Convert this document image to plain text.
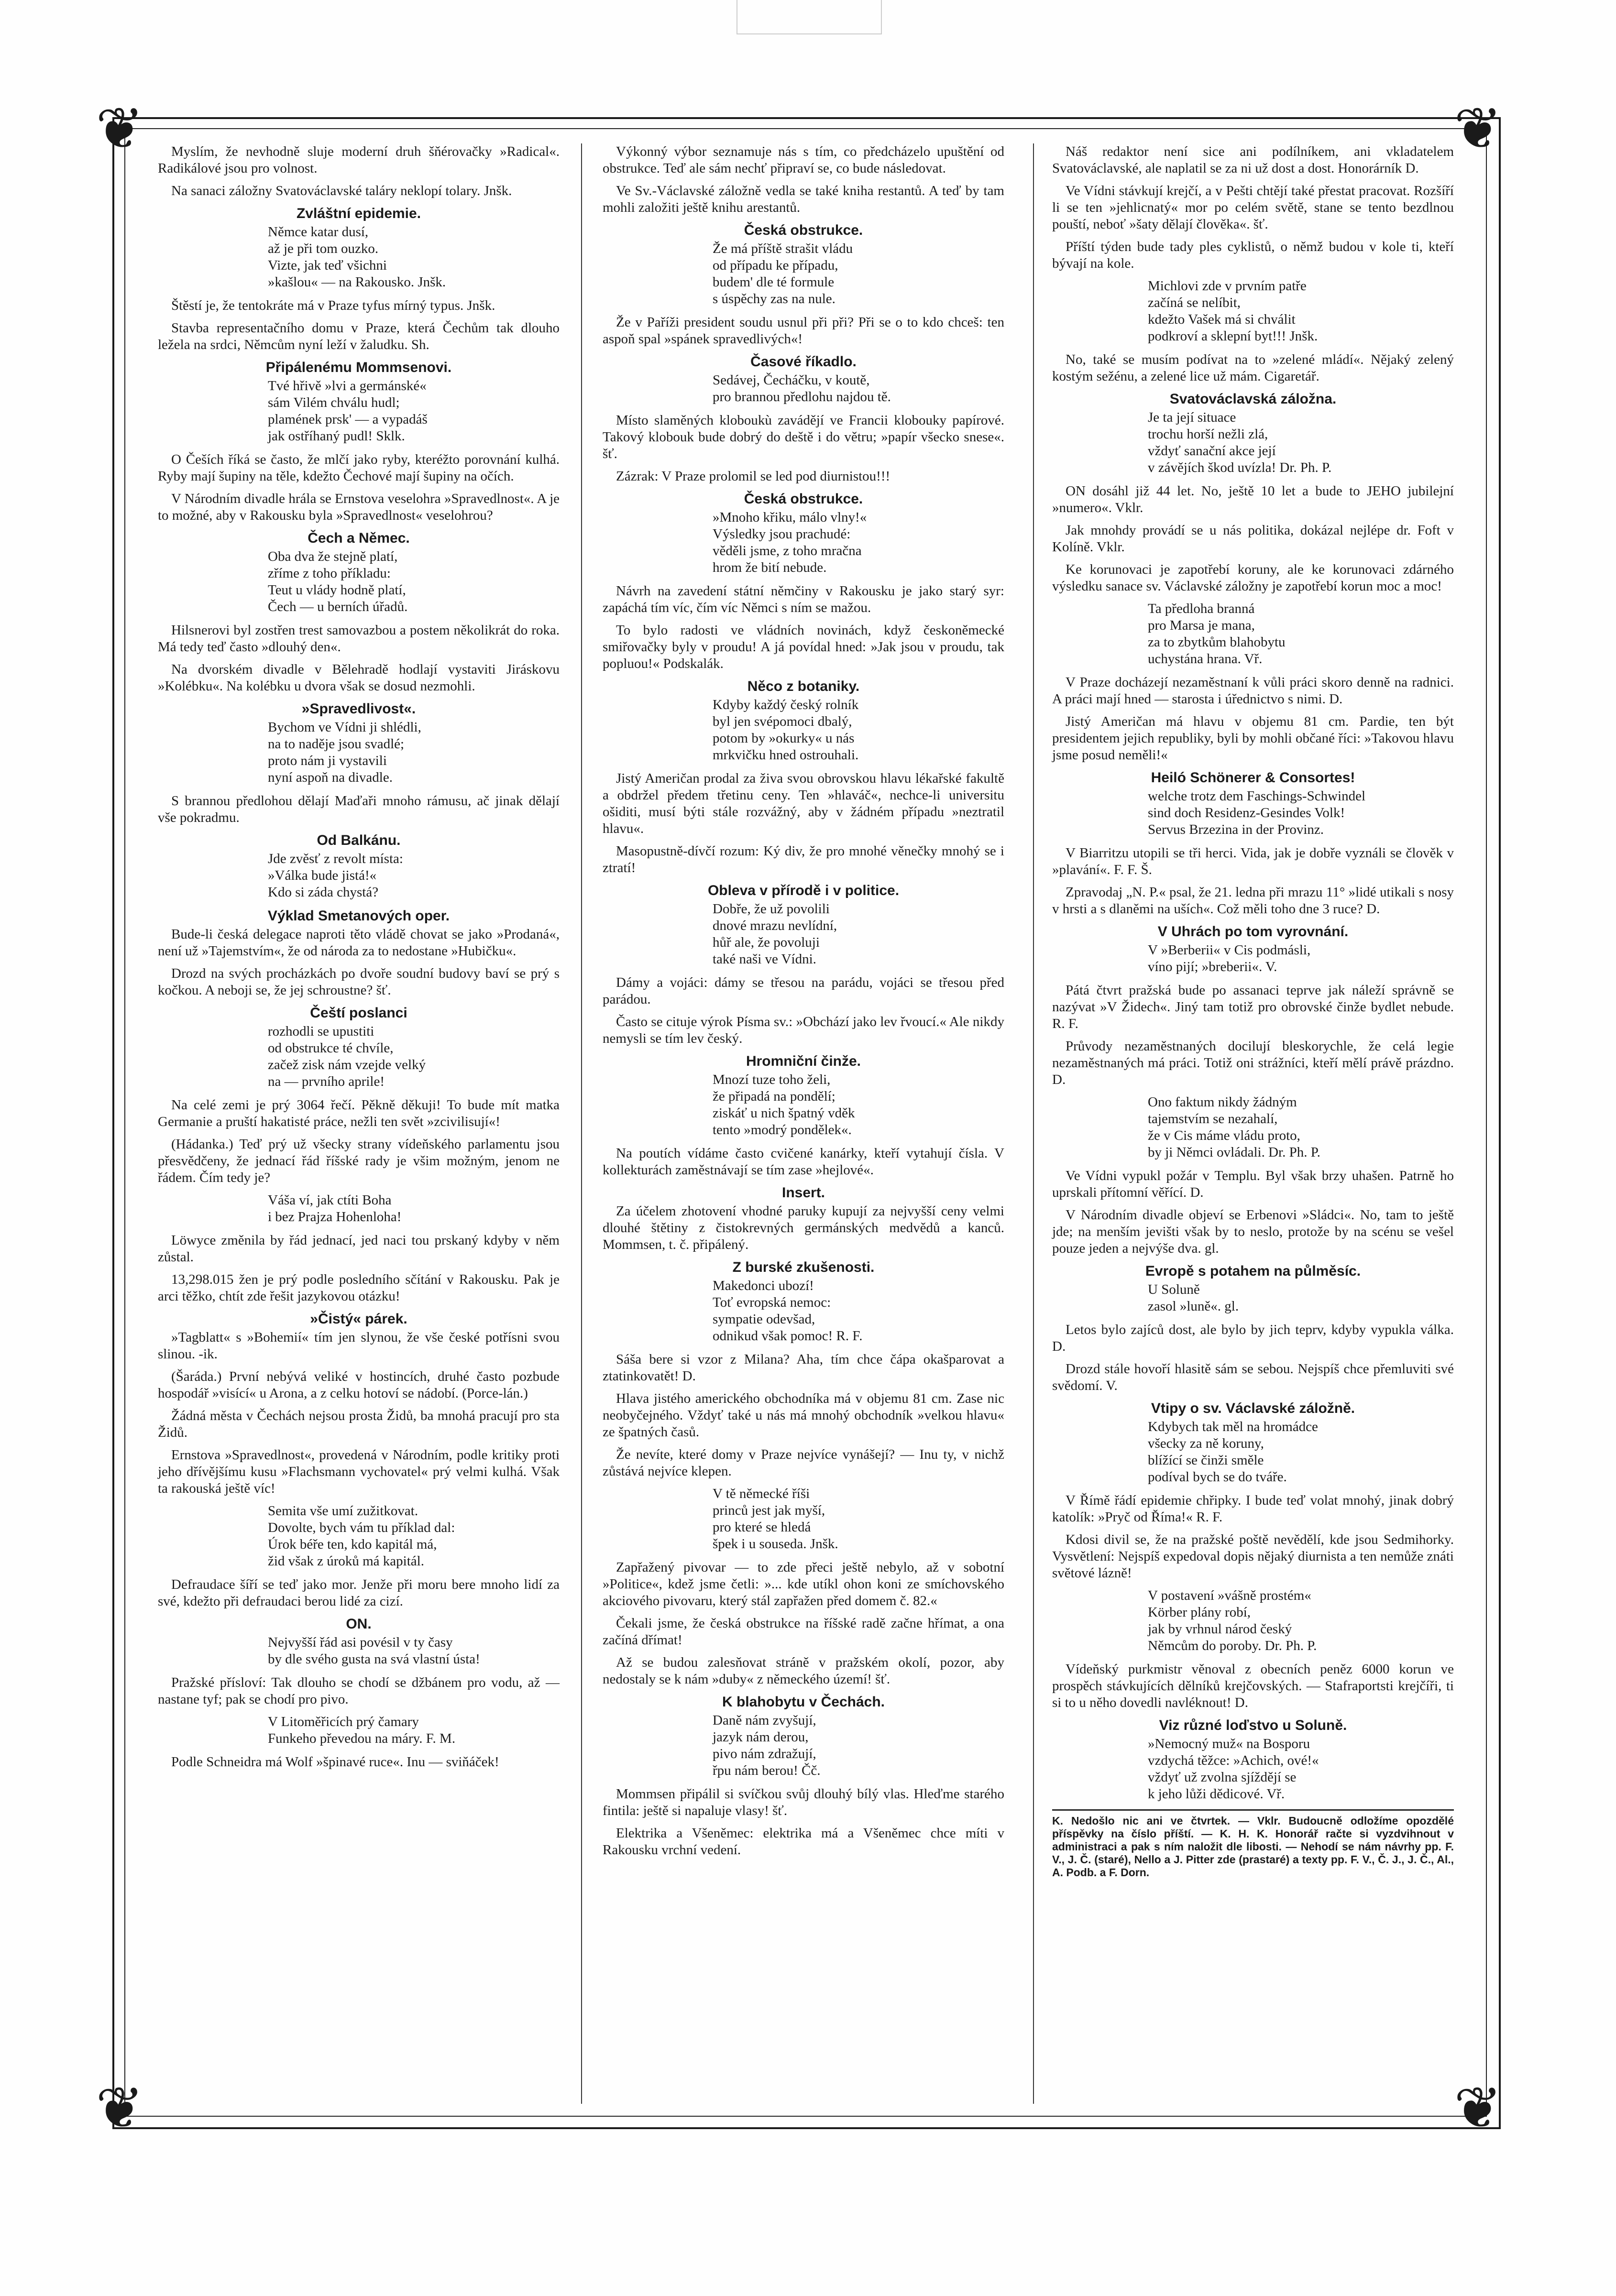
❦	❦
❦	❦
Myslím, že nevhodně sluje moderní druh šňérovačky »Radical«. Radikálové jsou pro volnost.
Na sanaci záložny Svatováclavské taláry neklopí tolary. Jnšk.
Zvláštní epidemie.
Němce katar dusí,
až je při tom ouzko.
Vizte, jak teď všichni
»kašlou« — na Rakousko. Jnšk.
Štěstí je, že tentokráte má v Praze tyfus mírný typus. Jnšk.
Stavba representačního domu v Praze, která Čechům tak dlouho ležela na srdci, Němcům nyní leží v žaludku. Sh.
Připálenému Mommsenovi.
Tvé hřivě »lvi a germánské«
sám Vilém chválu hudl;
plamének prsk' — a vypadáš
jak ostříhaný pudl! Sklk.
O Češích říká se často, že mlčí jako ryby, kteréžto porovnání kulhá. Ryby mají šupiny na těle, kdežto Čechové mají šupiny na očích.
V Národním divadle hrála se Ernstova veselohra »Spravedlnost«. A je to možné, aby v Rakousku byla »Spravedlnost« veselohrou?
Čech a Němec.
Oba dva že stejně platí,
zříme z toho příkladu:
Teut u vlády hodně platí,
Čech — u berních úřadů.
Hilsnerovi byl zostřen trest samovazbou a postem několikrát do roka. Má tedy teď často »dlouhý den«.
Na dvorském divadle v Bělehradě hodlají vystaviti Jiráskovu »Kolébku«. Na kolébku u dvora však se dosud nezmohli.
»Spravedlivost«.
Bychom ve Vídni ji shlédli,
na to naděje jsou svadlé;
proto nám ji vystavili
nyní aspoň na divadle.
S brannou předlohou dělají Maďaři mnoho rámusu, ač jinak dělají vše pokradmu.
Od Balkánu.
Jde zvěsť z revolt místa:
»Válka bude jistá!«
Kdo si záda chystá?
Výklad Smetanových oper.
Bude-li česká delegace naproti těto vládě chovat se jako »Prodaná«, není už »Tajemstvím«, že od národa za to nedostane »Hubičku«.
Drozd na svých procházkách po dvoře soudní budovy baví se prý s kočkou. A neboji se, že jej schroustne? šť.
Čeští poslanci
rozhodli se upustiti
od obstrukce té chvíle,
začež zisk nám vzejde velký
na — prvního aprile!
Na celé zemi je prý 3064 řečí. Pěkně děkuji! To bude mít matka Germanie a pruští hakatisté práce, nežli ten svět »zcivilisují«!
(Hádanka.) Teď prý už všecky strany vídeňského parlamentu jsou přesvědčeny, že jednací řád říšské rady je všim možným, jenom ne řádem. Čím tedy je?
Váša ví, jak ctíti Boha
i bez Prajza Hohenloha!
Löwyce změnila by řád jednací, jed naci tou prskaný kdyby v něm zůstal.
13,298.015 žen je prý podle posledního sčítání v Rakousku. Pak je arci těžko, chtít zde řešit jazykovou otázku!
»Čistý« párek.
»Tagblatt« s »Bohemií« tím jen slynou, že vše české potřísni svou slinou. -ik.
(Šaráda.) První nebývá veliké v hostincích, druhé často pozbude hospodář »visící« u Arona, a z celku hotoví se nádobí. (Porce-lán.)
Žádná města v Čechách nejsou prosta Židů, ba mnohá pracují pro sta Židů.
Ernstova »Spravedlnost«, provedená v Národním, podle kritiky proti jeho dřívějšímu kusu »Flachsmann vychovatel« prý velmi kulhá. Však ta rakouská ještě víc!
Semita vše umí zužitkovat.
Dovolte, bych vám tu příklad dal:
Úrok béře ten, kdo kapitál má,
žid však z úroků má kapitál.
Defraudace šíří se teď jako mor. Jenže při moru bere mnoho lidí za své, kdežto při defraudaci berou lidé za cizí.
ON.
Nejvyšší řád asi povésil v ty časy
by dle svého gusta na svá vlastní ústa!
Pražské přísloví: Tak dlouho se chodí se džbánem pro vodu, až — nastane tyf; pak se chodí pro pivo.
V Litoměřicích prý čamary
Funkeho převedou na máry. F. M.
Podle Schneidra má Wolf »špinavé ruce«. Inu — sviňáček!
Výkonný výbor seznamuje nás s tím, co předcházelo upuštění od obstrukce. Teď ale sám nechť připraví se, co bude následovat.
Ve Sv.-Václavské záložně vedla se také kniha restantů. A teď by tam mohli založiti ještě knihu arestantů.
Česká obstrukce.
Že má příště strašit vládu
od případu ke případu,
budem' dle té formule
s úspěchy zas na nule.
Že v Paříži president soudu usnul při při? Při se o to kdo chceš: ten aspoň spal »spánek spravedlivých«!
Časové říkadlo.
Sedávej, Čecháčku, v koutě,
pro brannou předlohu najdou tě.
Místo slaměných kloboukù zavádějí ve Francii klobouky papírové. Takový klobouk bude dobrý do deště i do větru; »papír všecko snese«. šť.
Zázrak: V Praze prolomil se led pod diurnistou!!!
Česká obstrukce.
»Mnoho křiku, málo vlny!«
Výsledky jsou prachudé:
věděli jsme, z toho mračna
hrom že bití nebude.
Návrh na zavedení státní němčiny v Rakousku je jako starý syr: zapáchá tím víc, čím víc Němci s ním se mažou.
To bylo radosti ve vládních novinách, když českoněmecké smiřovačky byly v proudu! A já povídal hned: »Jak jsou v proudu, tak popluou!« Podskalák.
Něco z botaniky.
Kdyby každý český rolník
byl jen svépomoci dbalý,
potom by »okurky« u nás
mrkvičku hned ostrouhali.
Jistý Američan prodal za živa svou obrovskou hlavu lékařské fakultě a obdržel předem třetinu ceny. Ten »hlaváč«, nechce-li universitu ošiditi, musí býti stále rozvážný, aby v žádném případu »neztratil hlavu«.
Masopustně-dívčí rozum: Ký div, že pro mnohé věnečky mnohý se i ztratí!
Obleva v přírodě i v politice.
Dobře, že už povolili
dnové mrazu nevlídní,
hůř ale, že povoluji
také naši ve Vídni.
Dámy a vojáci: dámy se třesou na parádu, vojáci se třesou před parádou.
Často se cituje výrok Písma sv.: »Obchází jako lev řvoucí.« Ale nikdy nemysli se tím lev český.
Hromniční činže.
Mnozí tuze toho želi,
že připadá na pondělí;
ziskáť u nich špatný vděk
tento »modrý pondělek«.
Na poutích vídáme často cvičené kanárky, kteří vytahují čísla. V kollekturách zaměstnávají se tím zase »hejlové«.
Insert.
Za účelem zhotovení vhodné paruky kupují za nejvyšší ceny velmi dlouhé štětiny z čistokrevných germánských medvědů a kanců. Mommsen, t. č. připálený.
Z burské zkušenosti.
Makedonci ubozí!
Toť evropská nemoc:
sympatie odevšad,
odnikud však pomoc! R. F.
Sáša bere si vzor z Milana? Aha, tím chce čápa okašparovat a ztatinkovatět! D.
Hlava jistého amerického obchodníka má v objemu 81 cm. Zase nic neobyčejného. Vždyť také u nás má mnohý obchodník »velkou hlavu« ze špatných časů.
Že nevíte, které domy v Praze nejvíce vynášejí? — Inu ty, v nichž zůstává nejvíce klepen.
V tě německé říši
princů jest jak myší,
pro které se hledá
špek i u souseda. Jnšk.
Zapřažený pivovar — to zde přeci ještě nebylo, až v sobotní »Politice«, kdež jsme četli: »... kde utíkl ohon koni ze smíchovského akciového pivovaru, který stál zapřažen před domem č. 82.«
Čekali jsme, že česká obstrukce na říšské radě začne hřímat, a ona začíná dřímat!
Až se budou zalesňovat stráně v pražském okolí, pozor, aby nedostaly se k nám »duby« z německého území! šť.
K blahobytu v Čechách.
Daně nám zvyšují,
jazyk nám derou,
pivo nám zdražují,
řpu nám berou! Čč.
Mommsen připálil si svíčkou svůj dlouhý bílý vlas. Hleďme starého fintila: ještě si napaluje vlasy! šť.
Elektrika a Všeněmec: elektrika má a Všeněmec chce míti v Rakousku vrchní vedení.
Náš redaktor není sice ani podílníkem, ani vkladatelem Svatováclavské, ale naplatil se za ni už dost a dost. Honorárník D.
Ve Vídni stávkují krejčí, a v Pešti chtějí také přestat pracovat. Rozšíří li se ten »jehlicnatý« mor po celém světě, stane se tento bezdlnou pouští, neboť »šaty dělají člověka«. šť.
Příští týden bude tady ples cyklistů, o němž budou v kole ti, kteří bývají na kole.
Michlovi zde v prvním patře
začíná se nelíbit,
kdežto Vašek má si chválit
podkroví a sklepní byt!!! Jnšk.
No, také se musím podívat na to »zelené mládí«. Nějaký zelený kostým sežénu, a zelené lice už mám. Cigaretář.
Svatováclavská záložna.
Je ta její situace
trochu horší nežli zlá,
vždyť sanační akce její
v závějích škod uvízla! Dr. Ph. P.
ON dosáhl již 44 let. No, ještě 10 let a bude to JEHO jubilejní »numero«. Vklr.
Jak mnohdy provádí se u nás politika, dokázal nejlépe dr. Foft v Kolíně. Vklr.
Ke korunovaci je zapotřebí koruny, ale ke korunovaci zdárného výsledku sanace sv. Václavské záložny je zapotřebí korun moc a moc!
Ta předloha branná
pro Marsa je mana,
za to zbytkům blahobytu
uchystána hrana. Vř.
V Praze docházejí nezaměstnaní k vůli práci skoro denně na radnici. A práci mají hned — starosta i úřednictvo s nimi. D.
Jistý Američan má hlavu v objemu 81 cm. Pardie, ten být presidentem jejich republiky, byli by mohli občané říci: »Takovou hlavu jsme posud neměli!«
Heiló Schönerer & Consortes!
welche trotz dem Faschings-Schwindel
sind doch Residenz-Gesindes Volk!
Servus Brzezina in der Provinz.
V Biarritzu utopili se tři herci. Vida, jak je dobře vyználi se člověk v »plavání«. F. F. Š.
Zpravodaj „N. P.« psal, že 21. ledna při mrazu 11° »lidé utikali s nosy v hrsti a s dlaněmi na uších«. Což měli toho dne 3 ruce? D.
V Uhrách po tom vyrovnání.
V »Berberii« v Cis podmásli,
víno pijí; »breberii«. V.
Pátá čtvrt pražská bude po assanaci teprve jak náleží správně se nazývat »V Židech«. Jiný tam totiž pro obrovské činže bydlet nebude. R. F.
Průvody nezaměstnaných docilují bleskorychle, že celá legie nezaměstnaných má práci. Totiž oni strážníci, kteří mělí právě prázdno. D.
Ono faktum nikdy žádným
tajemstvím se nezahalí,
že v Cis máme vládu proto,
by ji Němci ovládali. Dr. Ph. P.
Ve Vídni vypukl požár v Templu. Byl však brzy uhašen. Patrně ho uprskali přítomní věřící. D.
V Národním divadle objeví se Erbenovi »Sládci«. No, tam to ještě jde; na menším jevišti však by to neslo, protože by na scénu se vešel pouze jeden a nejvýše dva. gl.
Evropě s potahem na půlměsíc.
U Soluně
zasol »luně«. gl.
Letos bylo zajíců dost, ale bylo by jich teprv, kdyby vypukla válka. D.
Drozd stále hovoří hlasitě sám se sebou. Nejspíš chce přemluviti své svědomí. V.
Vtipy o sv. Václavské záložně.
Kdybych tak měl na hromádce
všecky za ně koruny,
blížící se činži směle
podíval bych se do tváře.
V Římě řádí epidemie chřipky. I bude teď volat mnohý, jinak dobrý katolík: »Pryč od Říma!« R. F.
Kdosi divil se, že na pražské poště nevědělí, kde jsou Sedmihorky. Vysvětlení: Nejspíš expedoval dopis nějaký diurnista a ten nemůže znáti světové lázně!
V postavení »vášně prostém«
Körber plány robí,
jak by vrhnul národ český
Němcům do poroby. Dr. Ph. P.
Vídeňský purkmistr věnoval z obecních peněz 6000 korun ve prospěch stávkujících dělníků krejčovských. — Stafraportsti krejčíři, ti si to u něho dovedli navléknout! D.
Viz různé loďstvo u Soluně.
»Nemocný muž« na Bosporu
vzdychá těžce: »Achich, ové!«
vždyť už zvolna sjíždějí se
k jeho lůži dědicové. Vř.
K. Nedošlo nic ani ve čtvrtek. — Vklr. Budoucně odložíme opozdělé příspěvky na číslo příští. — K. H. K. Honorář račte si vyzdvihnout v administraci a pak s ním naložit dle libosti. — Nehodí se nám návrhy pp. F. V., J. Č. (staré), Nello a J. Pitter zde (prastaré) a texty pp. F. V., Č. J., J. Č., Al., A. Podb. a F. Dorn.
